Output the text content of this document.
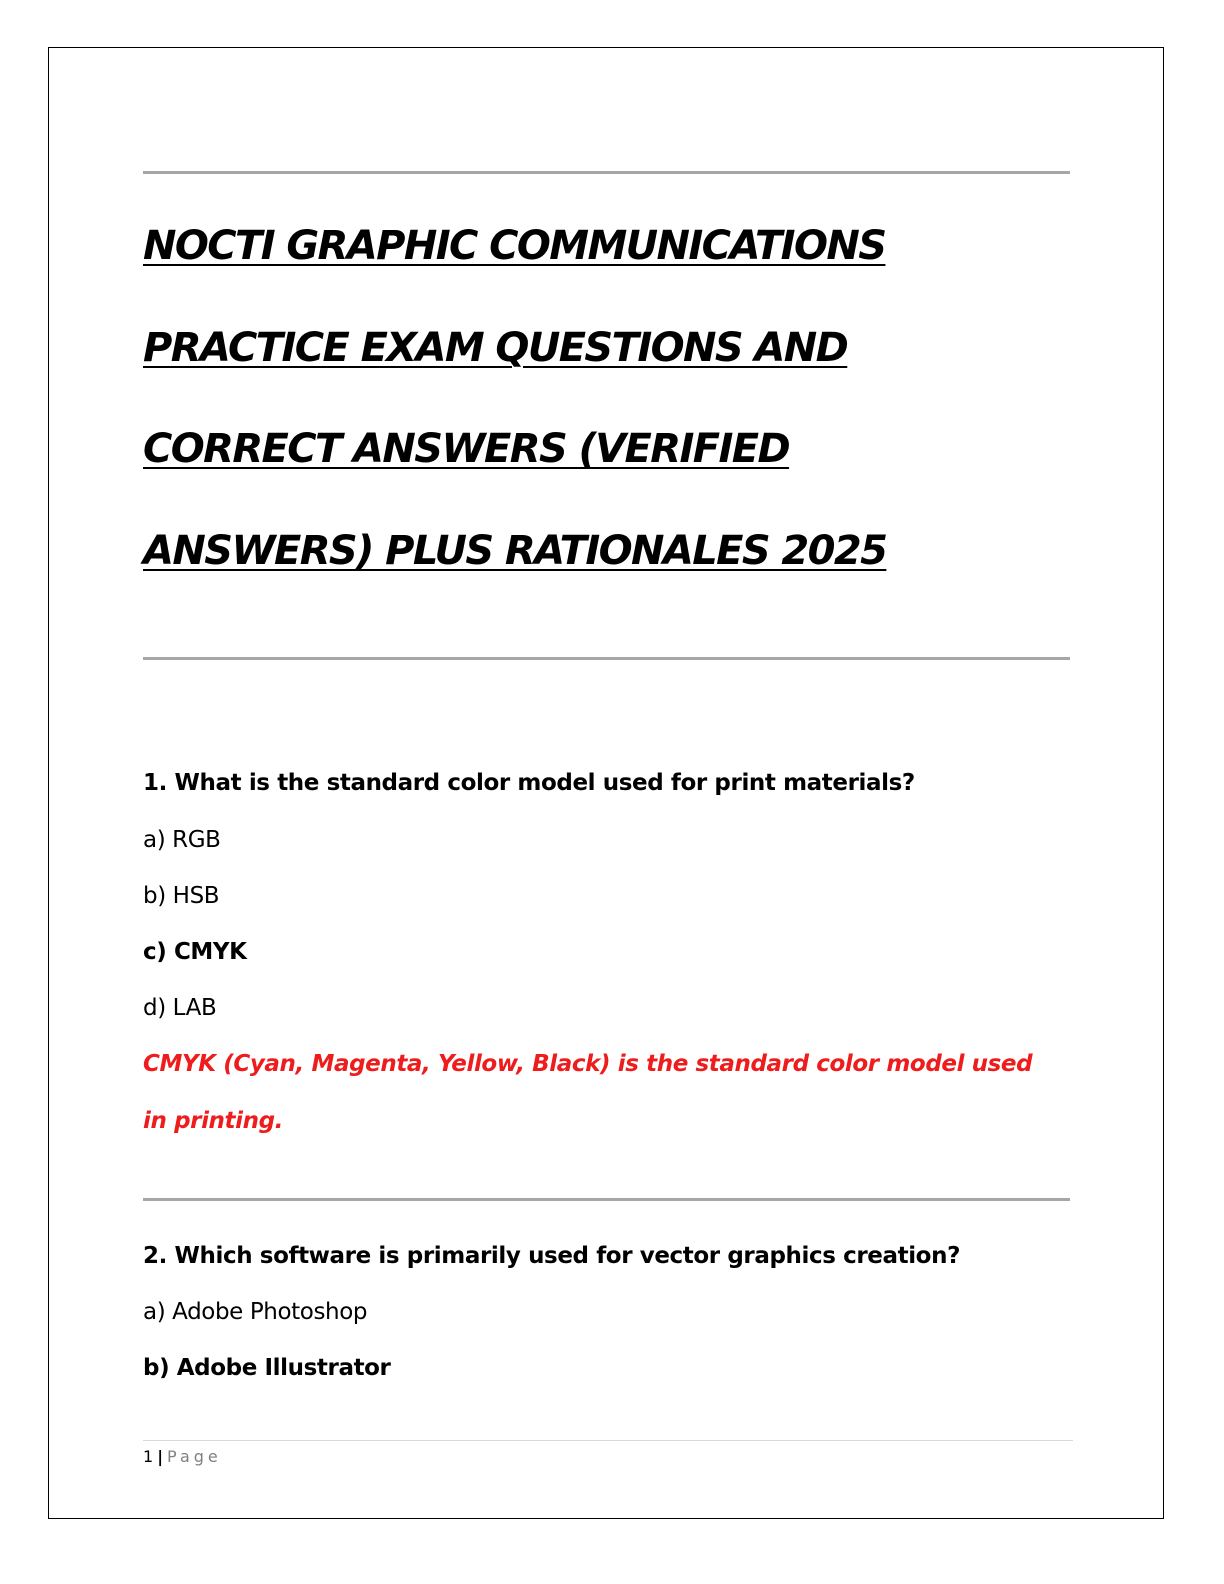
NOCTI GRAPHIC COMMUNICATIONS
PRACTICE EXAM QUESTIONS AND
CORRECT ANSWERS (VERIFIED
ANSWERS) PLUS RATIONALES 2025
1. What is the standard color model used for print materials?
a) RGB
b) HSB
c) CMYK
d) LAB
CMYK (Cyan, Magenta, Yellow, Black) is the standard color model used
in printing.
2. Which software is primarily used for vector graphics creation?
a) Adobe Photoshop
b) Adobe Illustrator
1 | Page
